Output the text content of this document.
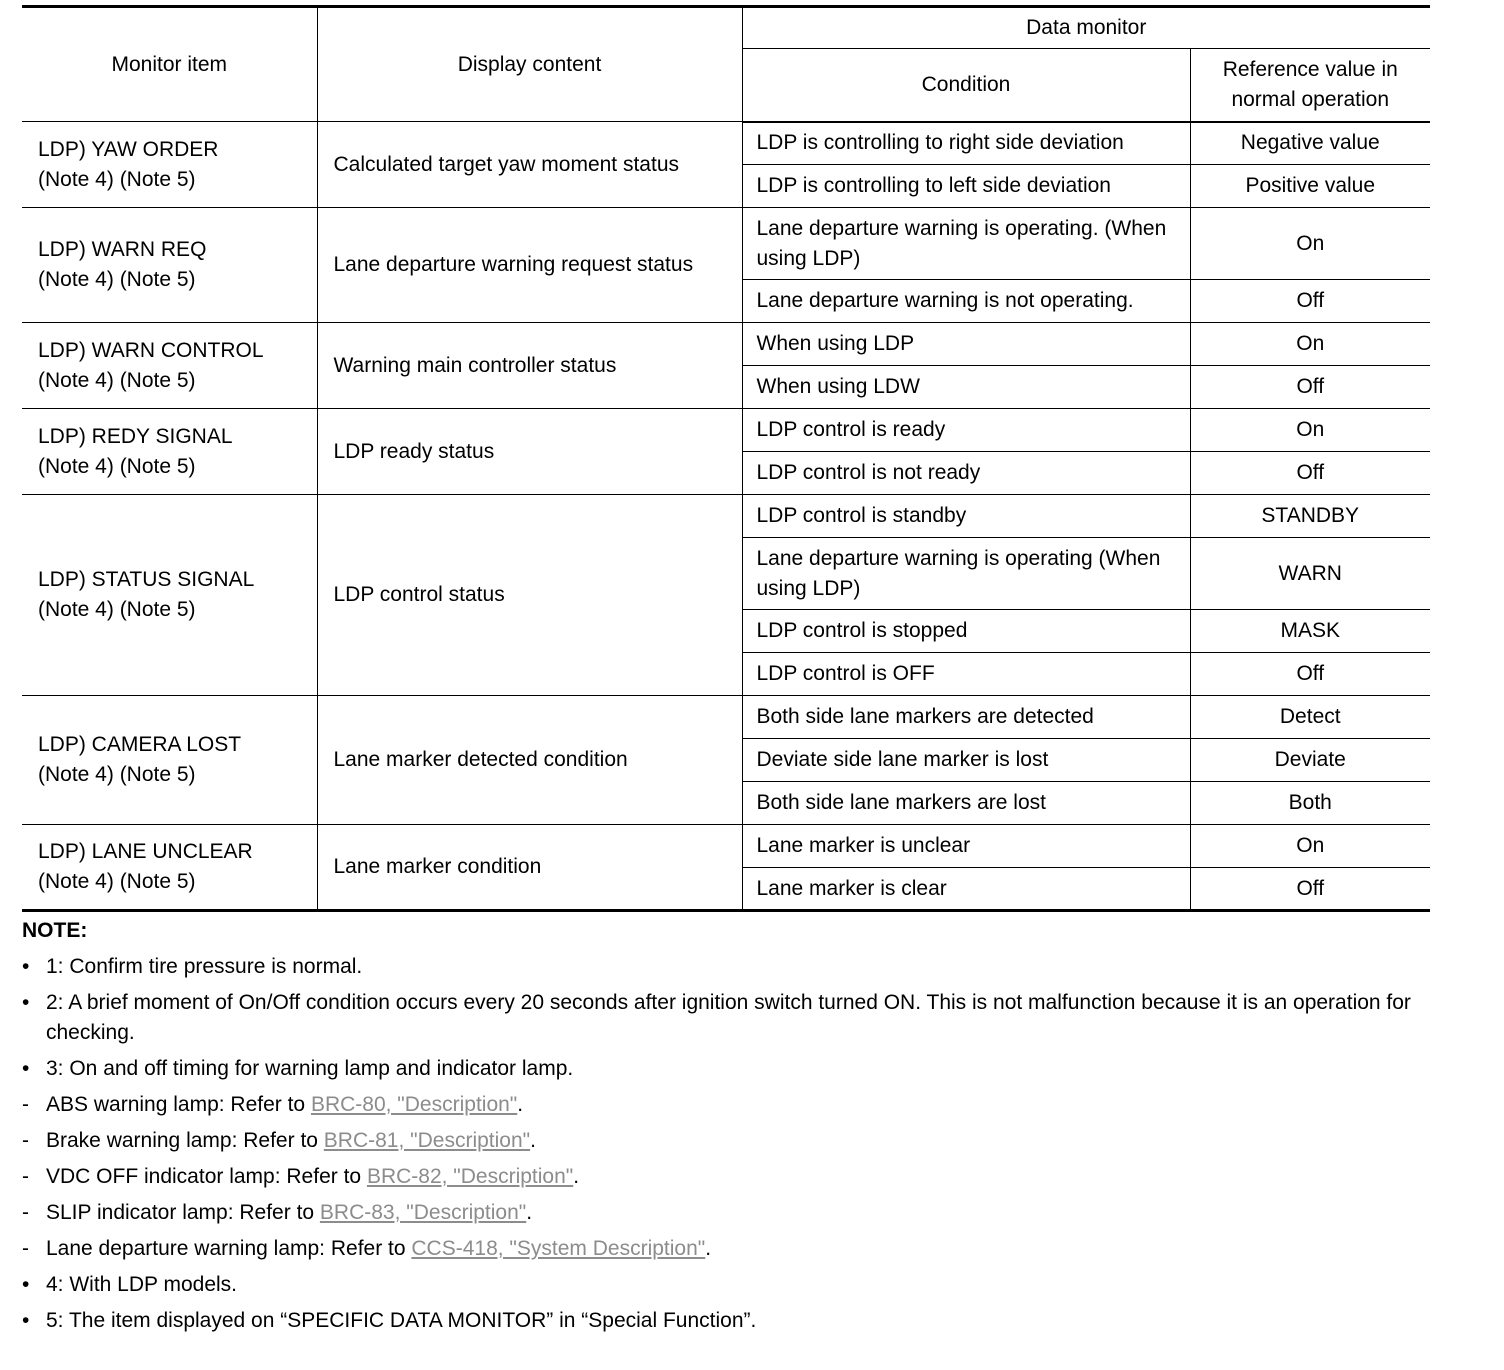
Monitor item	Display content	Data monitor	
		Condition	Reference value in normal operation

LDP) YAW ORDER
(Note 4) (Note 5)	Calculated target yaw moment status	LDP is controlling to right side deviation	Negative value
		LDP is controlling to left side deviation	Positive value

LDP) WARN REQ
(Note 4) (Note 5)	Lane departure warning request status	Lane departure warning is operating. (When using LDP)	On
		Lane departure warning is not operating.	Off

LDP) WARN CONTROL
(Note 4) (Note 5)	Warning main controller status	When using LDP	On
		When using LDW	Off

LDP) REDY SIGNAL
(Note 4) (Note 5)	LDP ready status	LDP control is ready	On
		LDP control is not ready	Off

LDP) STATUS SIGNAL
(Note 4) (Note 5)	LDP control status	LDP control is standby	STANDBY
		Lane departure warning is operating (When using LDP)	WARN
		LDP control is stopped	MASK
		LDP control is OFF	Off

LDP) CAMERA LOST
(Note 4) (Note 5)	Lane marker detected condition	Both side lane markers are detected	Detect
		Deviate side lane marker is lost	Deviate
		Both side lane markers are lost	Both

LDP) LANE UNCLEAR
(Note 4) (Note 5)	Lane marker condition	Lane marker is unclear	On
		Lane marker is clear	Off
NOTE:
• 1: Confirm tire pressure is normal.
• 2: A brief moment of On/Off condition occurs every 20 seconds after ignition switch turned ON. This is not malfunction because it is an operation for checking.
• 3: On and off timing for warning lamp and indicator lamp.
- ABS warning lamp: Refer to BRC-80, "Description".
- Brake warning lamp: Refer to BRC-81, "Description".
- VDC OFF indicator lamp: Refer to BRC-82, "Description".
- SLIP indicator lamp: Refer to BRC-83, "Description".
- Lane departure warning lamp: Refer to CCS-418, "System Description".
• 4: With LDP models.
• 5: The item displayed on “SPECIFIC DATA MONITOR” in “Special Function”.
